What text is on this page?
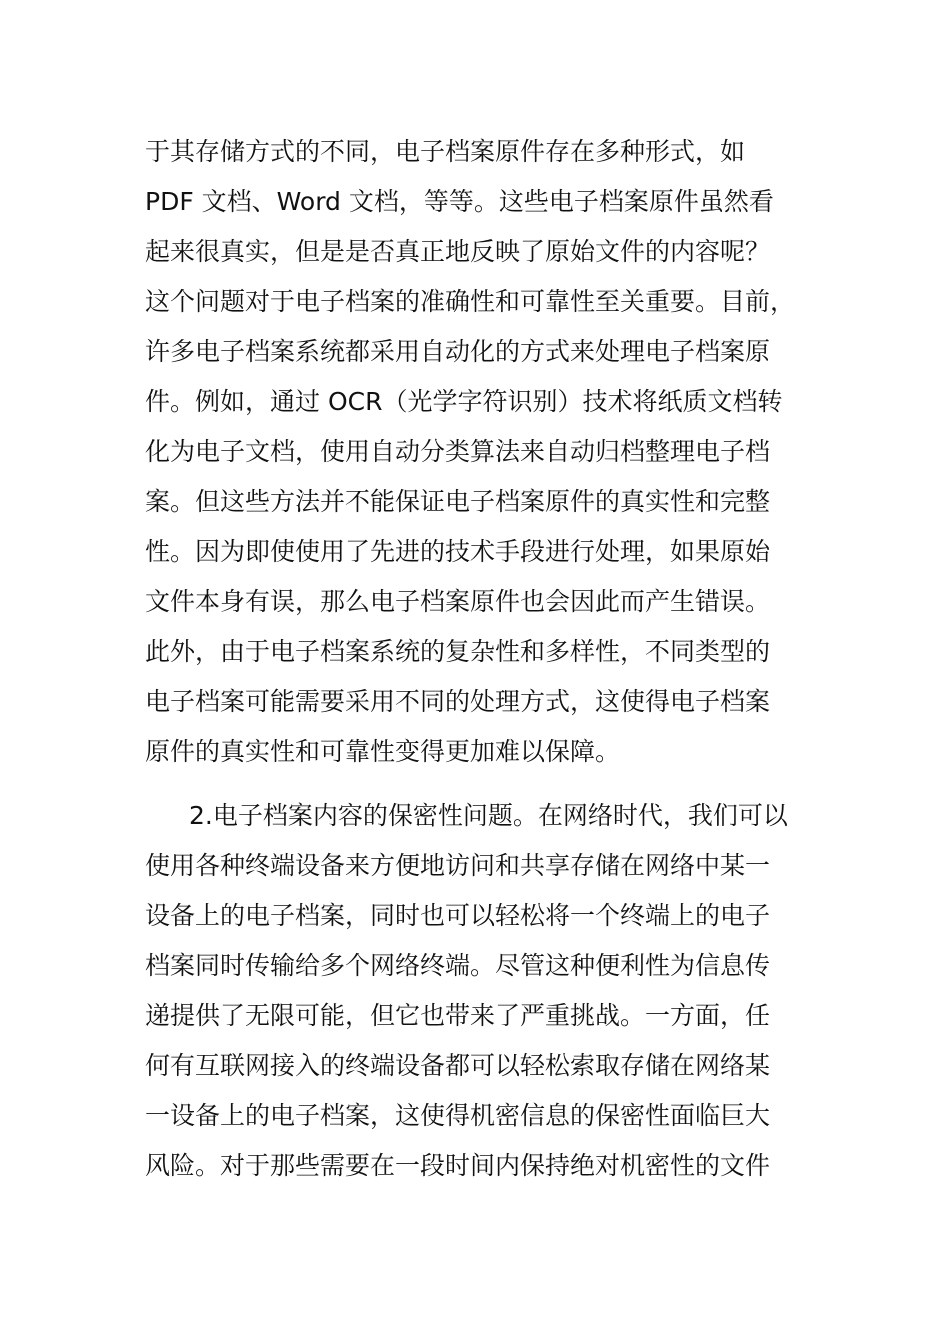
于其存储方式的不同，电子档案原件存在多种形式，如
PDF 文档、Word 文档，等等。这些电子档案原件虽然看
起来很真实，但是是否真正地反映了原始文件的内容呢？
这个问题对于电子档案的准确性和可靠性至关重要。目前，
许多电子档案系统都采用自动化的方式来处理电子档案原
件。例如，通过 OCR（光学字符识别）技术将纸质文档转
化为电子文档，使用自动分类算法来自动归档整理电子档
案。但这些方法并不能保证电子档案原件的真实性和完整
性。因为即使使用了先进的技术手段进行处理，如果原始
文件本身有误，那么电子档案原件也会因此而产生错误。
此外，由于电子档案系统的复杂性和多样性，不同类型的
电子档案可能需要采用不同的处理方式，这使得电子档案
原件的真实性和可靠性变得更加难以保障。
2.电子档案内容的保密性问题。在网络时代，我们可以
使用各种终端设备来方便地访问和共享存储在网络中某一
设备上的电子档案，同时也可以轻松将一个终端上的电子
档案同时传输给多个网络终端。尽管这种便利性为信息传
递提供了无限可能，但它也带来了严重挑战。一方面，任
何有互联网接入的终端设备都可以轻松索取存储在网络某
一设备上的电子档案，这使得机密信息的保密性面临巨大
风险。对于那些需要在一段时间内保持绝对机密性的文件
